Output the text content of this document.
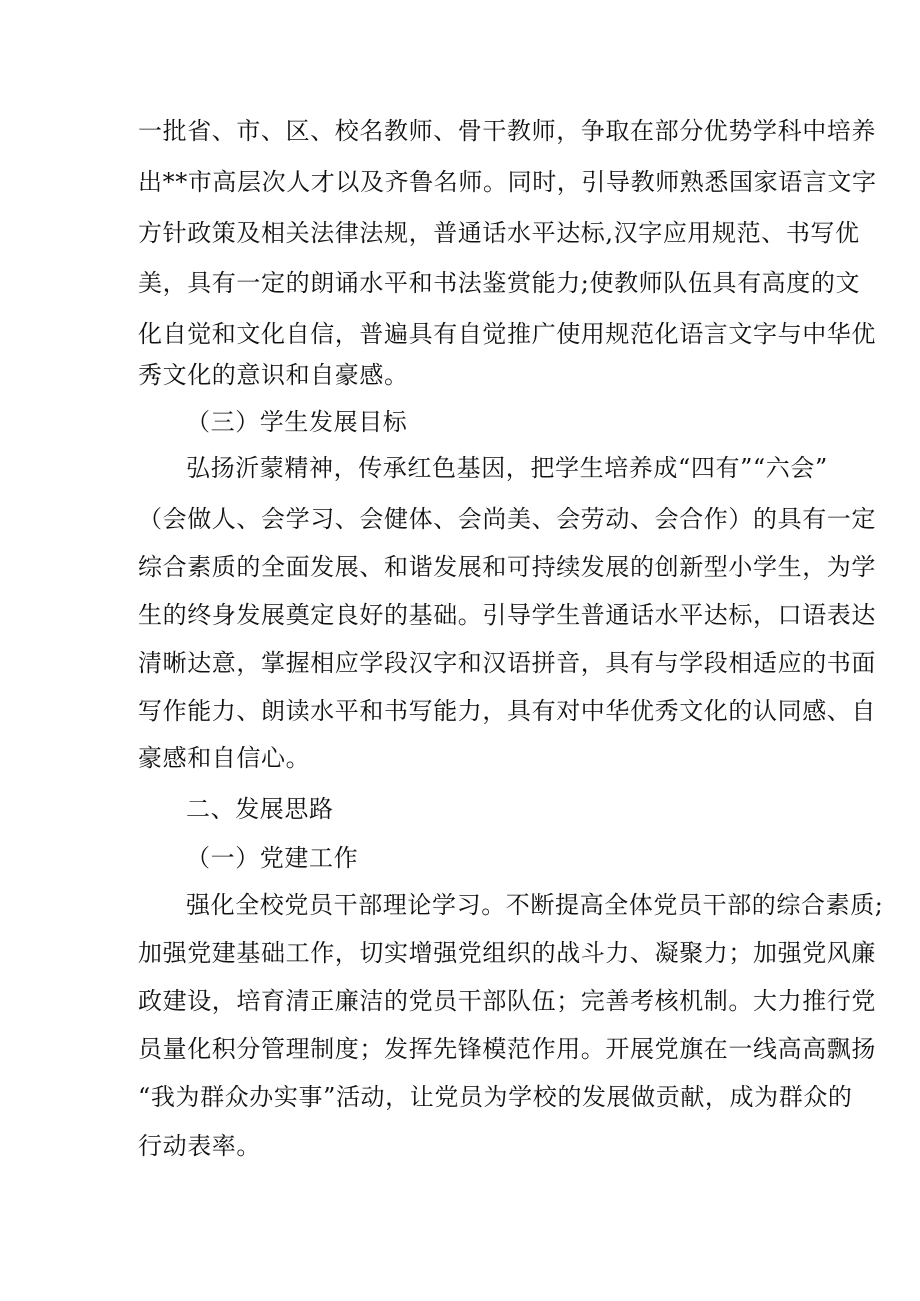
一批省、市、区、校名教师、骨干教师，争取在部分优势学科中培养
出**市高层次人才以及齐鲁名师。同时，引导教师熟悉国家语言文字
方针政策及相关法律法规，普通话水平达标,汉字应用规范、书写优
美，具有一定的朗诵水平和书法鉴赏能力;使教师队伍具有高度的文
化自觉和文化自信，普遍具有自觉推广使用规范化语言文字与中华优
秀文化的意识和自豪感。
（三）学生发展目标
弘扬沂蒙精神，传承红色基因，把学生培养成“四有”“六会”
（会做人、会学习、会健体、会尚美、会劳动、会合作）的具有一定
综合素质的全面发展、和谐发展和可持续发展的创新型小学生，为学
生的终身发展奠定良好的基础。引导学生普通话水平达标，口语表达
清晰达意，掌握相应学段汉字和汉语拼音，具有与学段相适应的书面
写作能力、朗读水平和书写能力，具有对中华优秀文化的认同感、自
豪感和自信心。
二、发展思路
（一）党建工作
强化全校党员干部理论学习。不断提高全体党员干部的综合素质;
加强党建基础工作，切实增强党组织的战斗力、凝聚力；加强党风廉
政建设，培育清正廉洁的党员干部队伍；完善考核机制。大力推行党
员量化积分管理制度；发挥先锋模范作用。开展党旗在一线高高飘扬
“我为群众办实事”活动，让党员为学校的发展做贡献，成为群众的
行动表率。
